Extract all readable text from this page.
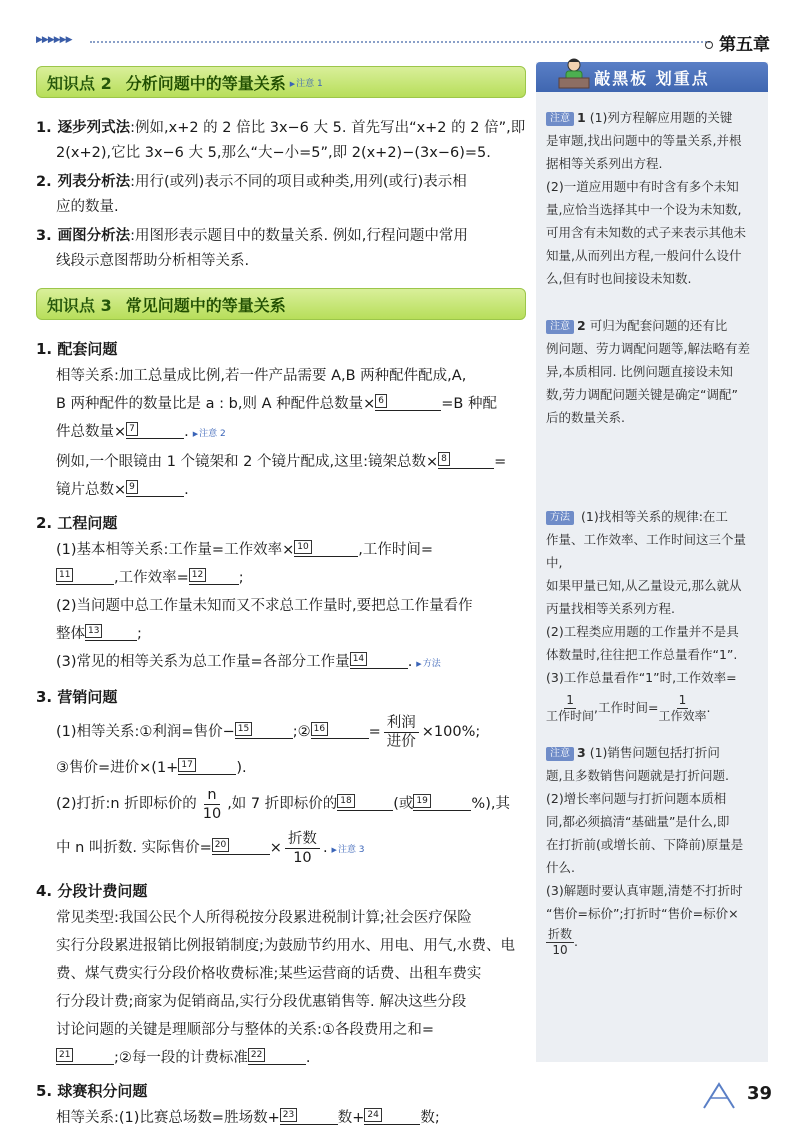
▶▶▶▶▶▶	第五章
知识点 2 分析问题中的等量关系	▶ 注意 1
1. 逐步列式法:例如,x+2 的 2 倍比 3x−6 大 5. 首先写出“x+2 的 2 倍”,即
2(x+2),它比 3x−6 大 5,那么“大−小=5”,即 2(x+2)−(3x−6)=5.
2. 列表分析法:用行(或列)表示不同的项目或种类,用列(或行)表示相
应的数量.
3. 画图分析法:用图形表示题目中的数量关系. 例如,行程问题中常用
线段示意图帮助分析相等关系.
知识点 3 常见问题中的等量关系
1. 配套问题
相等关系:加工总量成比例,若一件产品需要 A,B 两种配件配成,A,
B 两种配件的数量比是 a : b,则 A 种配件总数量× 6	=B 种配
件总数量× 7	. ▶ 注意 2
例如,一个眼镜由 1 个镜架和 2 个镜片配成,这里:镜架总数× 8	=
镜片总数× 9	.
2. 工程问题
(1)基本相等关系:工作量=工作效率× 10	,工作时间=
11	,工作效率= 12 ;
(2)当问题中总工作量未知而又不求总工作量时,要把总工作量看作
整体 13	;
(3)常见的相等关系为总工作量=各部分工作量 14	. ▶ 方法
3. 营销问题
(1)相等关系:①利润=售价− 15	;② 16	= $\frac{\text{利润}}{\text{进价}} \times 100\%$;
③售价=进价×(1+ 17	).
(2)打折:n 折即标价的 $\frac{n}{10}$ ,如 7 折即标价的 18	(或 19	%),其
中 n 叫折数. 实际售价= 20	× $\frac{\text{折数}}{10}$ . ▶ 注意 3
4. 分段计费问题
常见类型:我国公民个人所得税按分段累进税制计算;社会医疗保险
实行分段累进报销比例报销制度;为鼓励节约用水、用电、用气,水费、电
费、煤气费实行分段价格收费标准;某些运营商的话费、出租车费实
行分段计费;商家为促销商品,实行分段优惠销售等. 解决这些分段
讨论问题的关键是理顺部分与整体的关系:①各段费用之和=
21	;②每一段的计费标准 22	.
5. 球赛积分问题
相等关系:(1)比赛总场数=胜场数+ 23	数+ 24	数;
敲黑板 划重点
注意 1 (1)列方程解应用题的关键
是审题,找出问题中的等量关系,并根
据相等关系列出方程.
(2)一道应用题中有时含有多个未知
量,应恰当选择其中一个设为未知数,
可用含有未知数的式子来表示其他未
知量,从而列出方程,一般问什么设什
么,但有时也间接设未知数.
注意 2 可归为配套问题的还有比
例问题、劳力调配问题等,解法略有差
异,本质相同. 比例问题直接设未知
数,劳力调配问题关键是确定“调配”
后的数量关系.
方法 (1)找相等关系的规律:在工
作量、工作效率、工作时间这三个量中,
如果甲量已知,从乙量设元,那么就从
丙量找相等关系列方程.
(2)工程类应用题的工作量并不是具
体数量时,往往把工作总量看作“1”.
(3)工作总量看作“1”时,工作效率=
1
工作时间
,工作时间= 1
工作效率
.
注意 3 (1)销售问题包括打折问
题,且多数销售问题就是打折问题.
(2)增长率问题与打折问题本质相
同,都必须搞清“基础量”是什么,即
在打折前(或增长前、下降前)原量是
什么.
(3)解题时要认真审题,清楚不打折时
“售价=标价”;打折时“售价=标价×
折数
10
.
39
